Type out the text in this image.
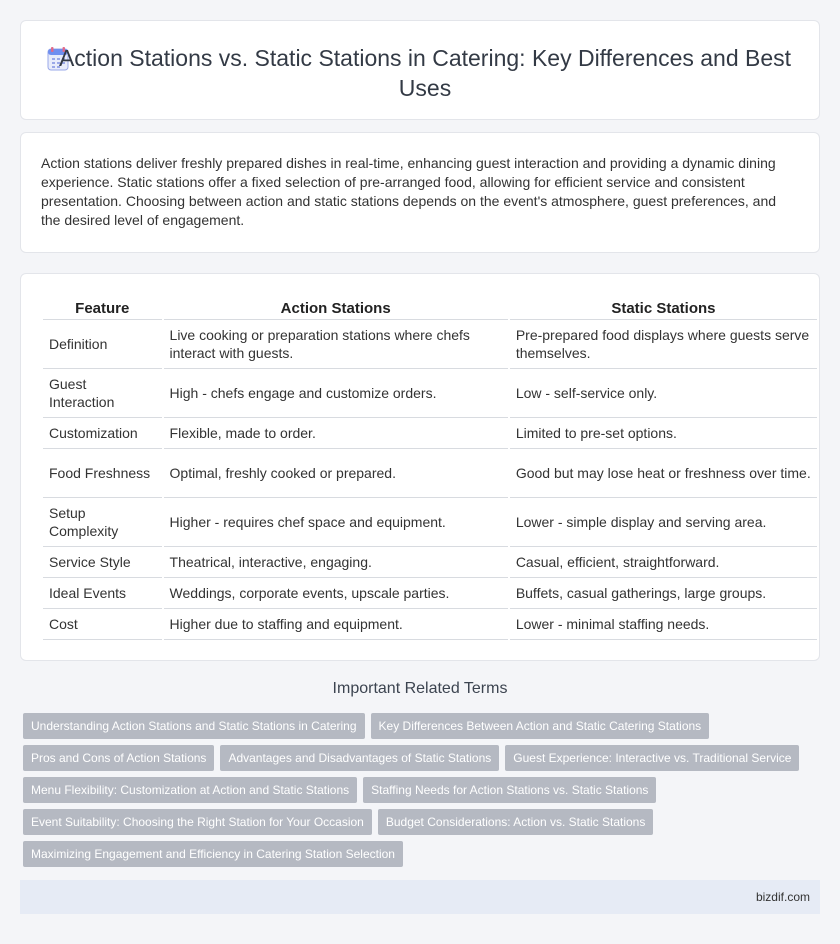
Action Stations vs. Static Stations in Catering: Key Differences and Best Uses

Action stations deliver freshly prepared dishes in real-time, enhancing guest interaction and providing a dynamic dining experience. Static stations offer a fixed selection of pre-arranged food, allowing for efficient service and consistent presentation. Choosing between action and static stations depends on the event's atmosphere, guest preferences, and the desired level of engagement.

Feature	Action Stations	Static Stations
Definition	Live cooking or preparation stations where chefs interact with guests.	Pre-prepared food displays where guests serve themselves.
Guest Interaction	High - chefs engage and customize orders.	Low - self-service only.
Customization	Flexible, made to order.	Limited to pre-set options.
Food Freshness	Optimal, freshly cooked or prepared.	Good but may lose heat or freshness over time.
Setup Complexity	Higher - requires chef space and equipment.	Lower - simple display and serving area.
Service Style	Theatrical, interactive, engaging.	Casual, efficient, straightforward.
Ideal Events	Weddings, corporate events, upscale parties.	Buffets, casual gatherings, large groups.
Cost	Higher due to staffing and equipment.	Lower - minimal staffing needs.
Important Related Terms
Understanding Action Stations and Static Stations in Catering Key Differences Between Action and Static Catering Stations
Pros and Cons of Action Stations Advantages and Disadvantages of Static Stations Guest Experience: Interactive vs. Traditional Service
Menu Flexibility: Customization at Action and Static Stations Staffing Needs for Action Stations vs. Static Stations
Event Suitability: Choosing the Right Station for Your Occasion Budget Considerations: Action vs. Static Stations
Maximizing Engagement and Efficiency in Catering Station Selection
bizdif.com
